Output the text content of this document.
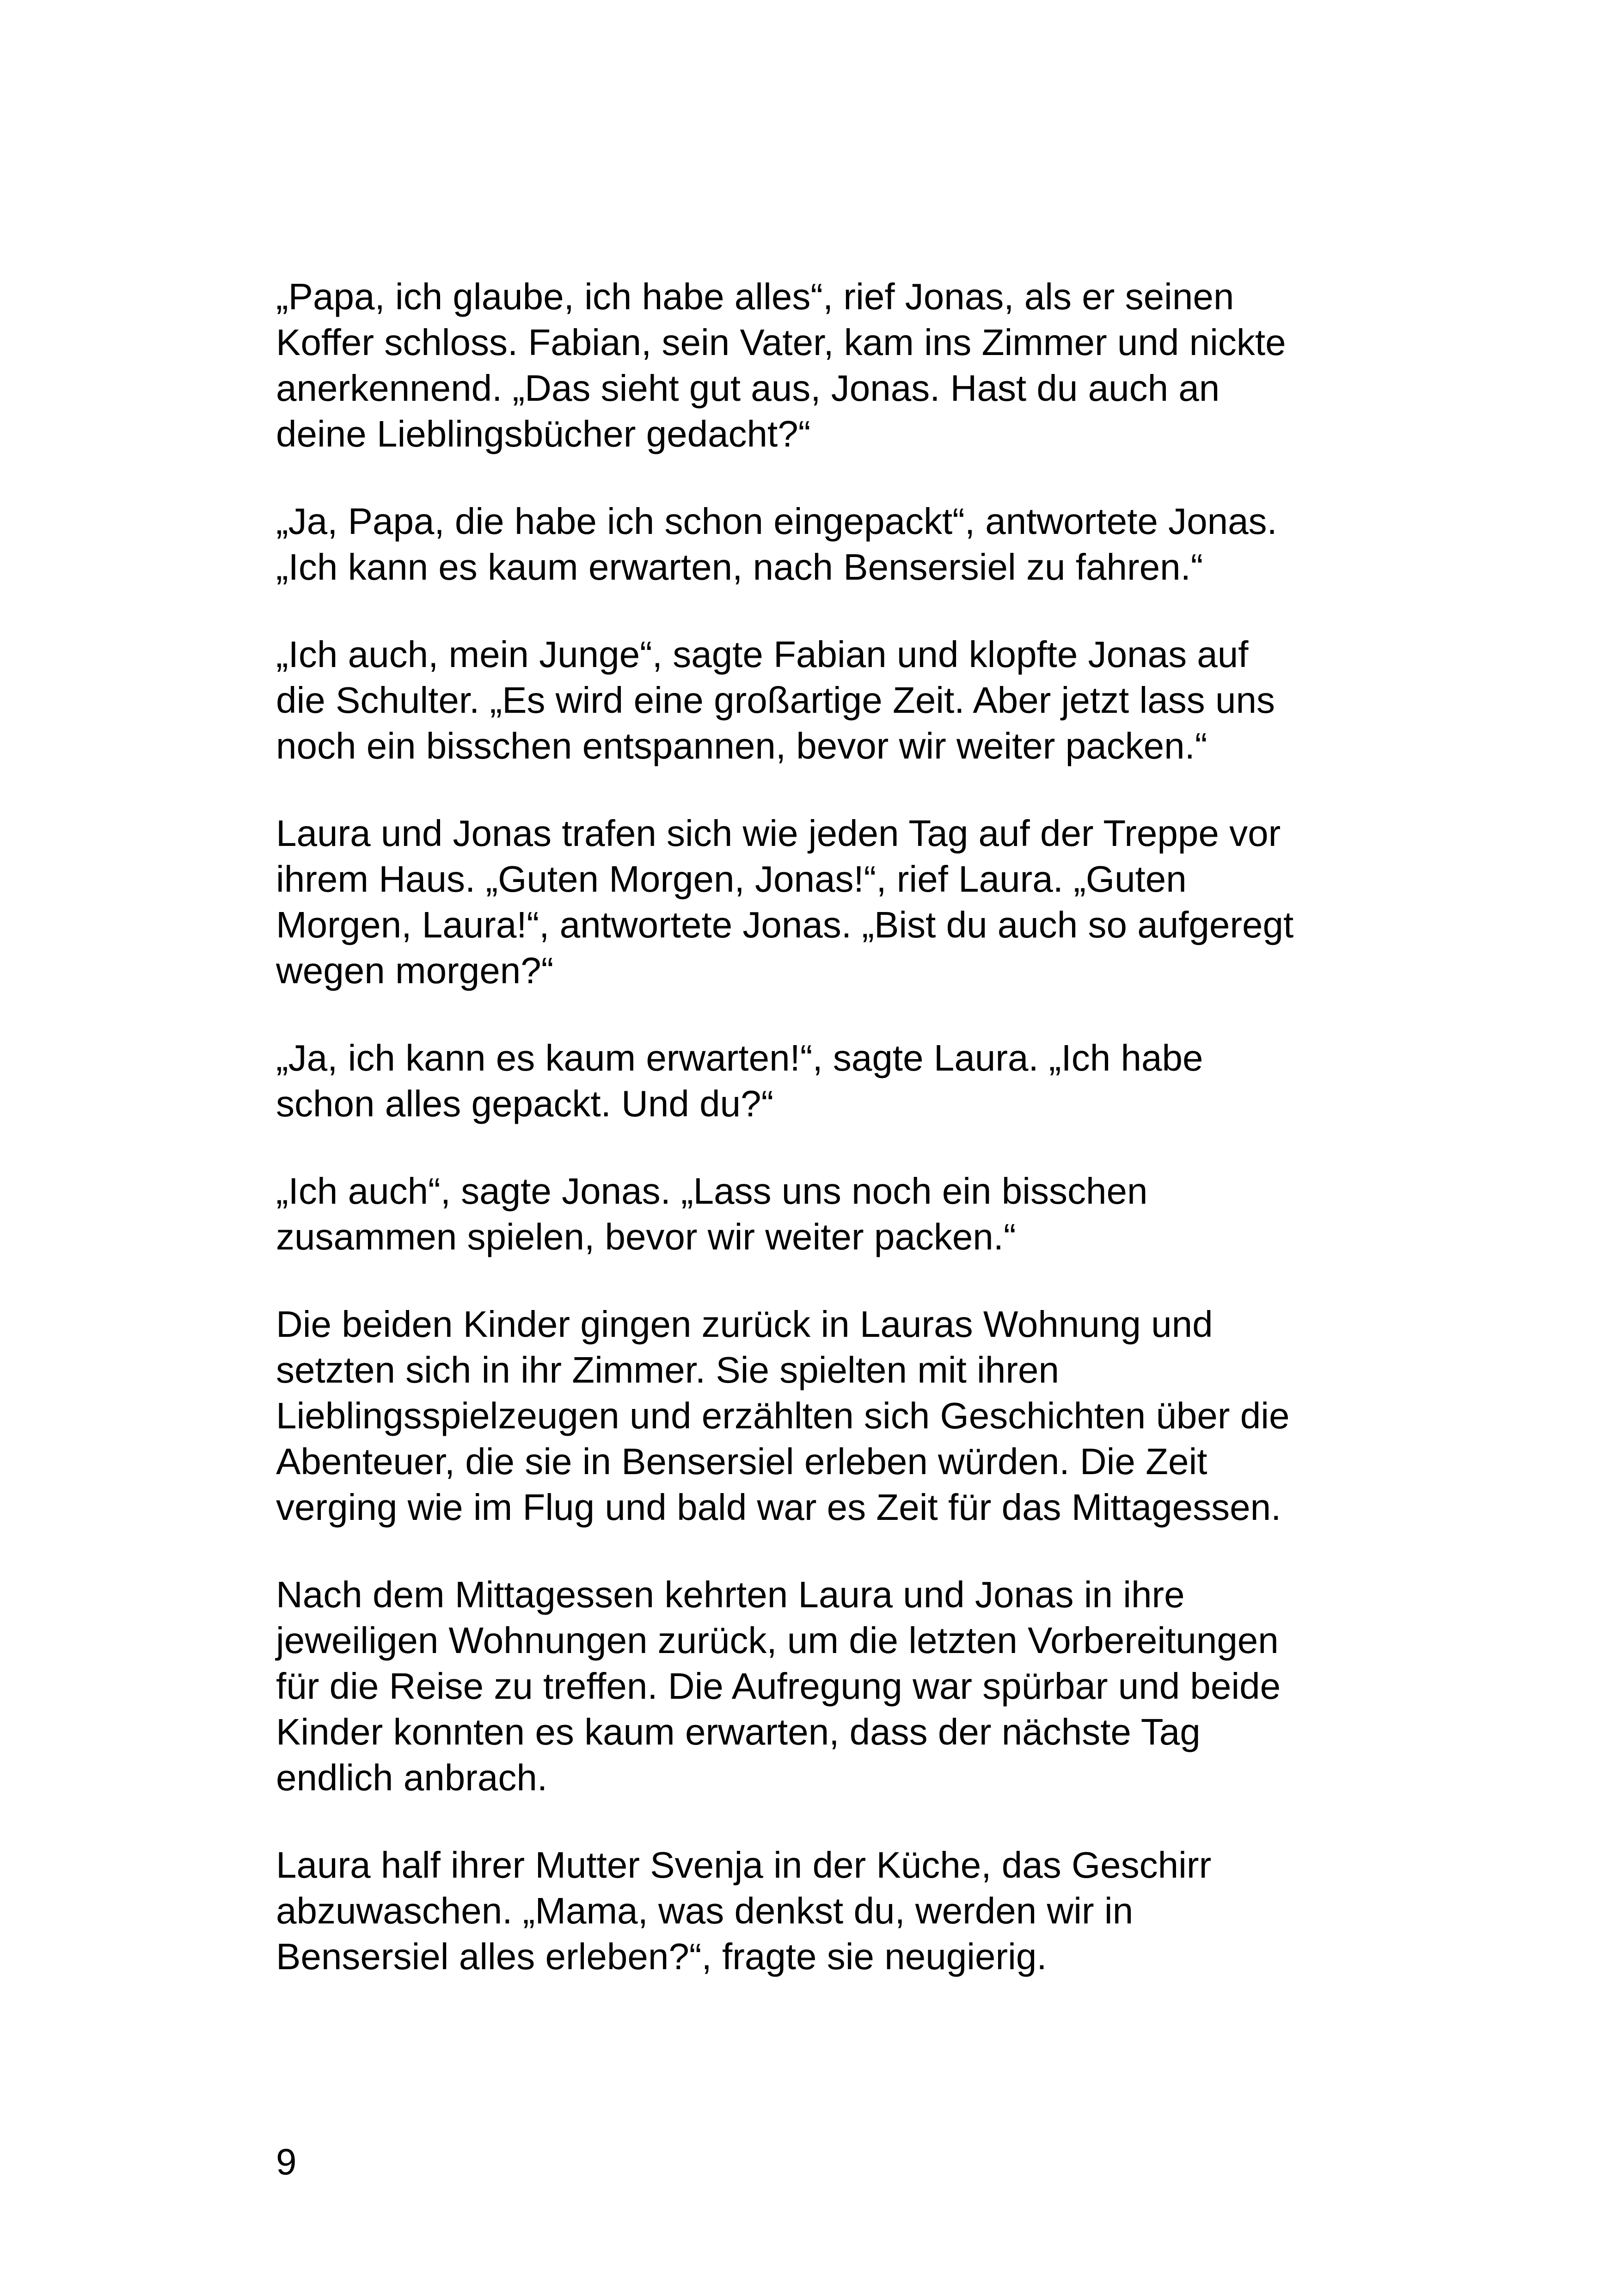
„Papa, ich glaube, ich habe alles“, rief Jonas, als er seinen
Koffer schloss. Fabian, sein Vater, kam ins Zimmer und nickte
anerkennend. „Das sieht gut aus, Jonas. Hast du auch an
deine Lieblingsbücher gedacht?“
„Ja, Papa, die habe ich schon eingepackt“, antwortete Jonas.
„Ich kann es kaum erwarten, nach Bensersiel zu fahren.“
„Ich auch, mein Junge“, sagte Fabian und klopfte Jonas auf
die Schulter. „Es wird eine großartige Zeit. Aber jetzt lass uns
noch ein bisschen entspannen, bevor wir weiter packen.“
Laura und Jonas trafen sich wie jeden Tag auf der Treppe vor
ihrem Haus. „Guten Morgen, Jonas!“, rief Laura. „Guten
Morgen, Laura!“, antwortete Jonas. „Bist du auch so aufgeregt
wegen morgen?“
„Ja, ich kann es kaum erwarten!“, sagte Laura. „Ich habe
schon alles gepackt. Und du?“
„Ich auch“, sagte Jonas. „Lass uns noch ein bisschen
zusammen spielen, bevor wir weiter packen.“
Die beiden Kinder gingen zurück in Lauras Wohnung und
setzten sich in ihr Zimmer. Sie spielten mit ihren
Lieblingsspielzeugen und erzählten sich Geschichten über die
Abenteuer, die sie in Bensersiel erleben würden. Die Zeit
verging wie im Flug und bald war es Zeit für das Mittagessen.
Nach dem Mittagessen kehrten Laura und Jonas in ihre
jeweiligen Wohnungen zurück, um die letzten Vorbereitungen
für die Reise zu treffen. Die Aufregung war spürbar und beide
Kinder konnten es kaum erwarten, dass der nächste Tag
endlich anbrach.
Laura half ihrer Mutter Svenja in der Küche, das Geschirr
abzuwaschen. „Mama, was denkst du, werden wir in
Bensersiel alles erleben?“, fragte sie neugierig.
9
